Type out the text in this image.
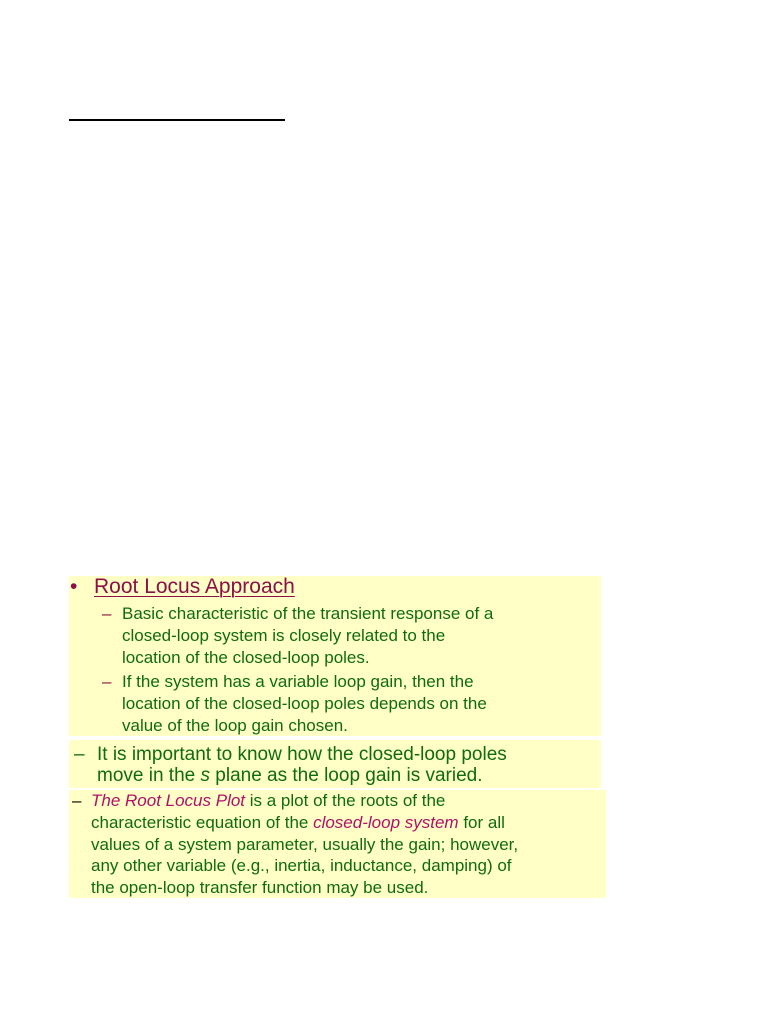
• Root Locus Approach
– Basic characteristic of the transient response of a
closed-loop system is closely related to the
location of the closed-loop poles.
– If the system has a variable loop gain, then the
location of the closed-loop poles depends on the
value of the loop gain chosen.
– It is important to know how the closed-loop poles
move in the s plane as the loop gain is varied.
– The Root Locus Plot is a plot of the roots of the
characteristic equation of the closed-loop system for all
values of a system parameter, usually the gain; however,
any other variable (e.g., inertia, inductance, damping) of
the open-loop transfer function may be used.
